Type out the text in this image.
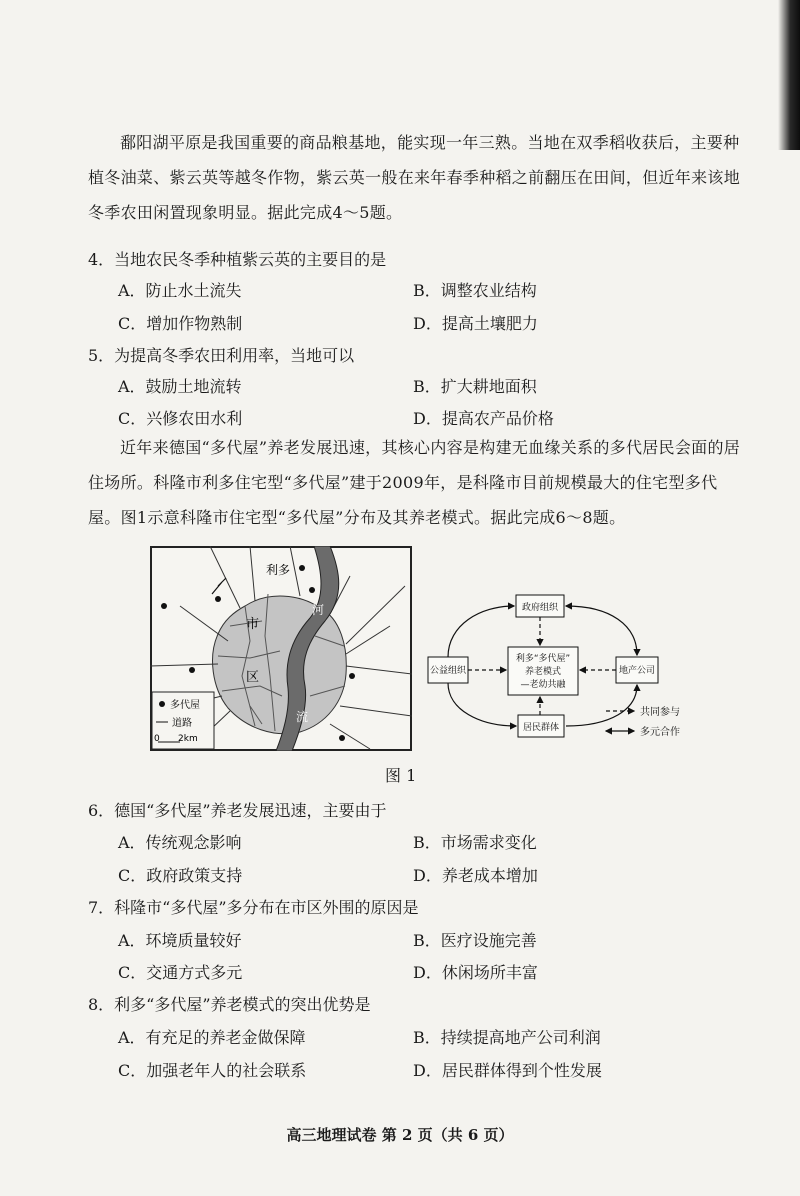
鄱阳湖平原是我国重要的商品粮基地，能实现一年三熟。当地在双季稻收获后，主要种植冬油菜、紫云英等越冬作物，紫云英一般在来年春季种稻之前翻压在田间，但近年来该地冬季农田闲置现象明显。据此完成4～5题。
4．当地农民冬季种植紫云英的主要目的是
A．防止水土流失	B．调整农业结构
C．增加作物熟制	D．提高土壤肥力
5．为提高冬季农田利用率，当地可以
A．鼓励土地流转	B．扩大耕地面积
C．兴修农田水利	D．提高农产品价格
近年来德国“多代屋”养老发展迅速，其核心内容是构建无血缘关系的多代居民会面的居住场所。科隆市利多住宅型“多代屋”建于2009年，是科隆市目前规模最大的住宅型多代屋。图1示意科隆市住宅型“多代屋”分布及其养老模式。据此完成6～8题。
利多
市
区
河
流
多代屋
道路
0 2km
政府组织
公益组织
利多“多代屋”
养老模式
—老幼共融
地产公司
居民群体
共同参与
多元合作
图 1
6．德国“多代屋”养老发展迅速，主要由于
A．传统观念影响	B．市场需求变化
C．政府政策支持	D．养老成本增加
7．科隆市“多代屋”多分布在市区外围的原因是
A．环境质量较好	B．医疗设施完善
C．交通方式多元	D．休闲场所丰富
8．利多“多代屋”养老模式的突出优势是
A．有充足的养老金做保障	B．持续提高地产公司利润
C．加强老年人的社会联系	D．居民群体得到个性发展
高三地理试卷 第 2 页（共 6 页）
